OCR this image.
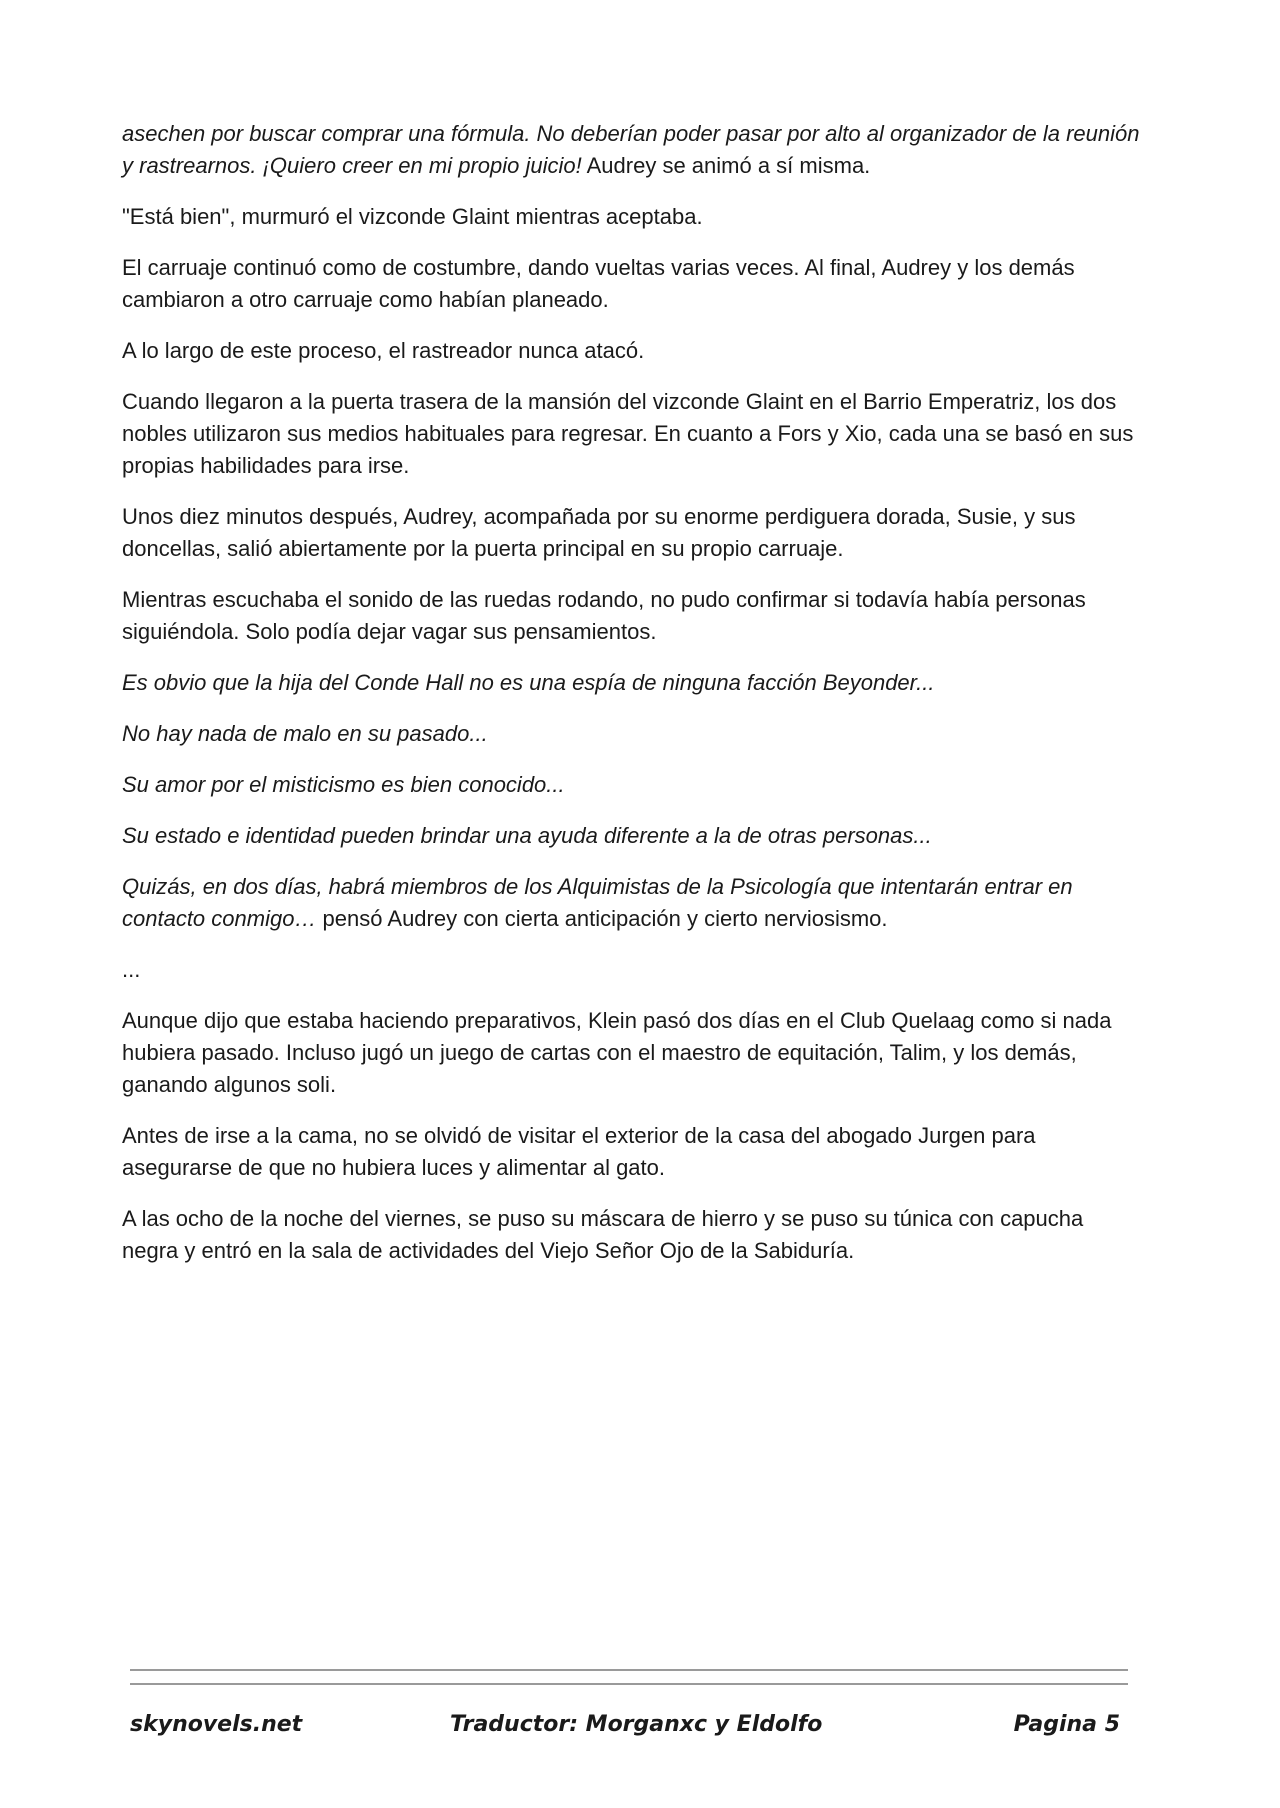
asechen por buscar comprar una fórmula. No deberían poder pasar por alto al organizador de la reunión y rastrearnos. ¡Quiero creer en mi propio juicio! Audrey se animó a sí misma.

"Está bien", murmuró el vizconde Glaint mientras aceptaba.

El carruaje continuó como de costumbre, dando vueltas varias veces. Al final, Audrey y los demás cambiaron a otro carruaje como habían planeado.

A lo largo de este proceso, el rastreador nunca atacó.

Cuando llegaron a la puerta trasera de la mansión del vizconde Glaint en el Barrio Emperatriz, los dos nobles utilizaron sus medios habituales para regresar. En cuanto a Fors y Xio, cada una se basó en sus propias habilidades para irse.

Unos diez minutos después, Audrey, acompañada por su enorme perdiguera dorada, Susie, y sus doncellas, salió abiertamente por la puerta principal en su propio carruaje.

Mientras escuchaba el sonido de las ruedas rodando, no pudo confirmar si todavía había personas siguiéndola. Solo podía dejar vagar sus pensamientos.

Es obvio que la hija del Conde Hall no es una espía de ninguna facción Beyonder...

No hay nada de malo en su pasado...

Su amor por el misticismo es bien conocido...

Su estado e identidad pueden brindar una ayuda diferente a la de otras personas...

Quizás, en dos días, habrá miembros de los Alquimistas de la Psicología que intentarán entrar en contacto conmigo… pensó Audrey con cierta anticipación y cierto nerviosismo.

...

Aunque dijo que estaba haciendo preparativos, Klein pasó dos días en el Club Quelaag como si nada hubiera pasado. Incluso jugó un juego de cartas con el maestro de equitación, Talim, y los demás, ganando algunos soli.

Antes de irse a la cama, no se olvidó de visitar el exterior de la casa del abogado Jurgen para asegurarse de que no hubiera luces y alimentar al gato.

A las ocho de la noche del viernes, se puso su máscara de hierro y se puso su túnica con capucha negra y entró en la sala de actividades del Viejo Señor Ojo de la Sabiduría.

skynovels.net	Traductor: Morganxc y Eldolfo	Pagina 5
